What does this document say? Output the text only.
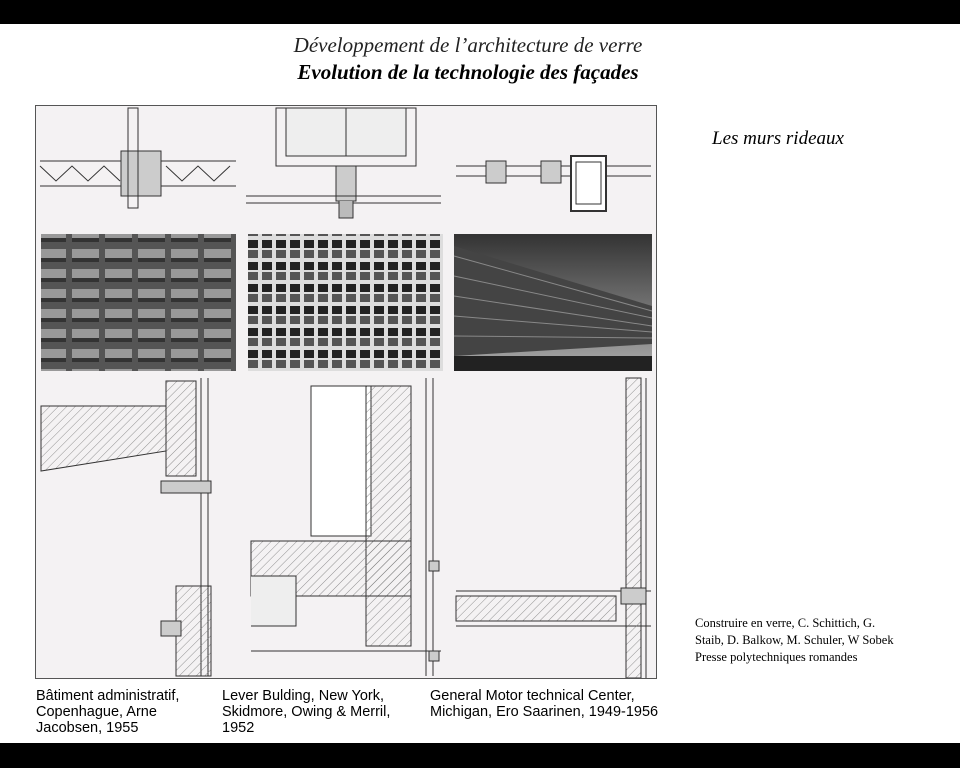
Développement de l’architecture de verre
Evolution de la technologie des façades
Les murs rideaux
Construire en verre, C. Schittich, G.
Staib, D. Balkow, M. Schuler, W Sobek
Presse polytechniques romandes
Bâtiment administratif,
Copenhague, Arne
Jacobsen, 1955
Lever Bulding, New York,
Skidmore, Owing & Merril,
1952
General Motor technical Center,
Michigan, Ero Saarinen, 1949-1956
